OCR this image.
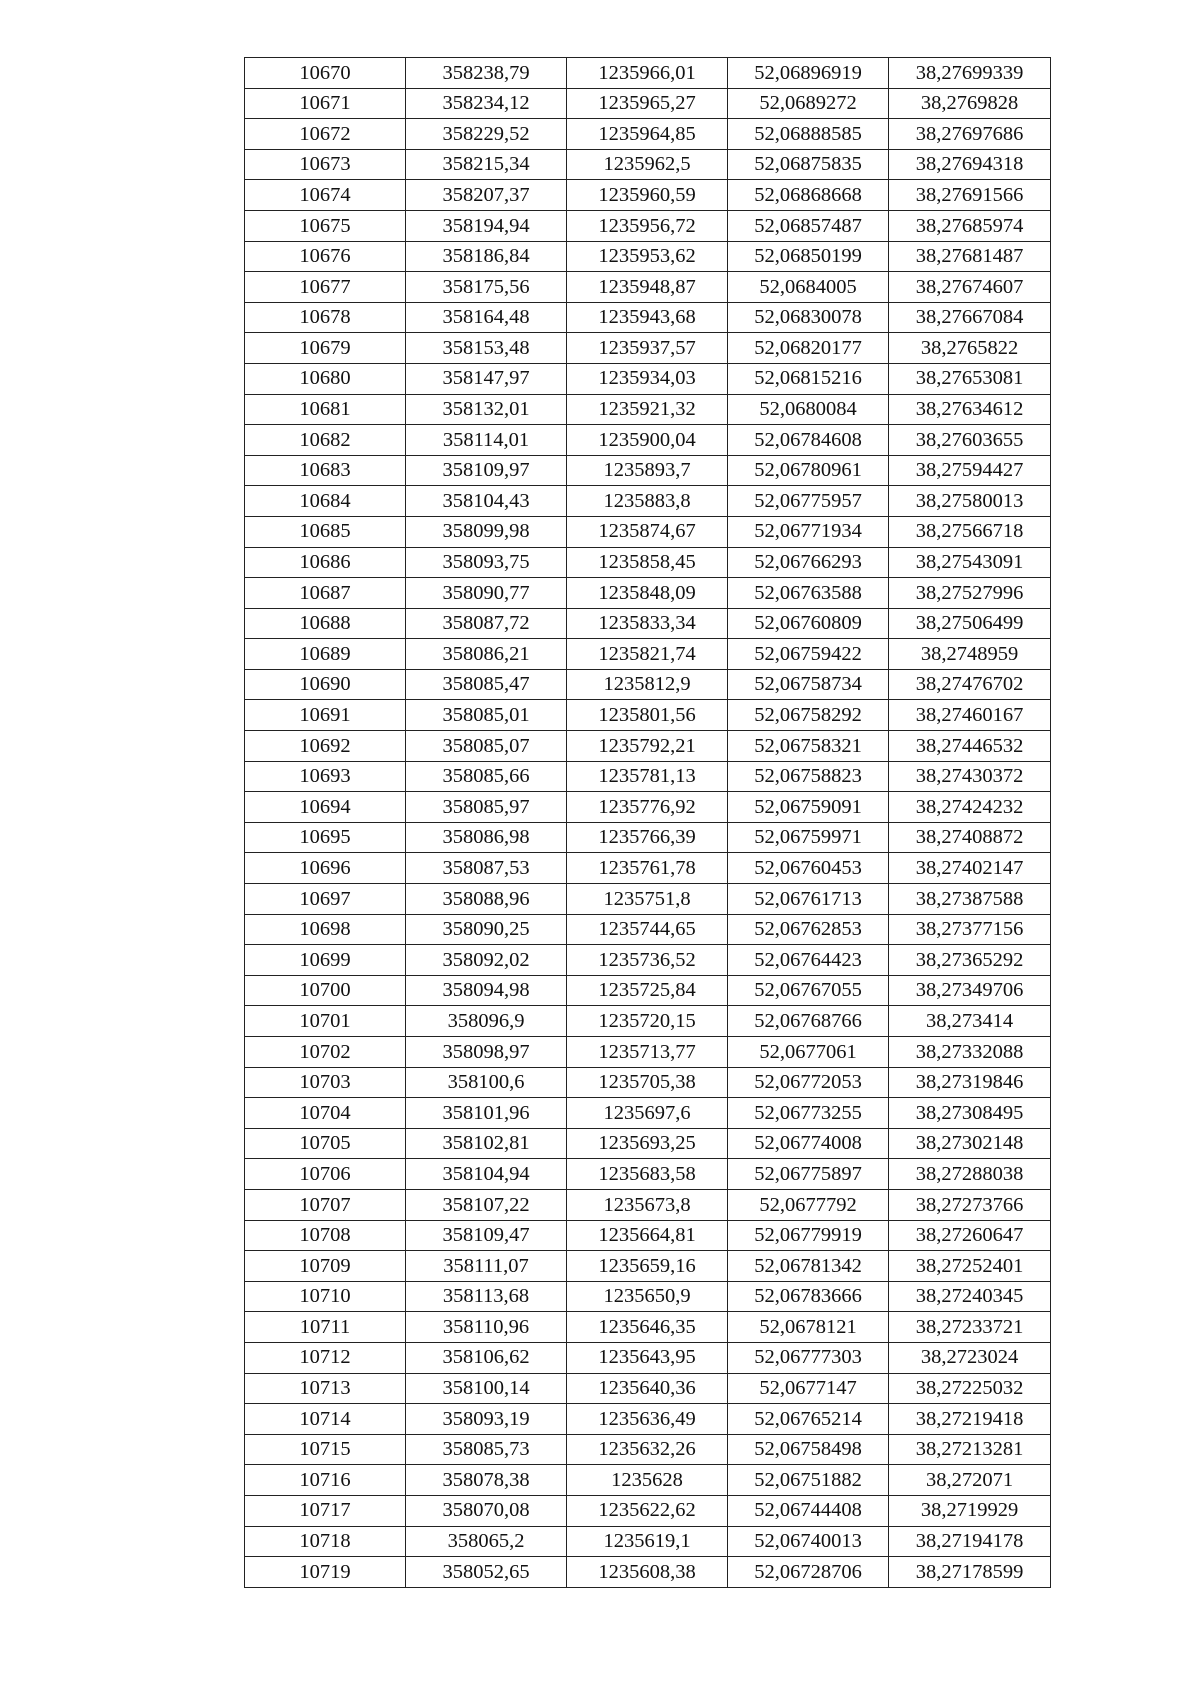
10670	358238,79	1235966,01	52,06896919	38,27699339
10671	358234,12	1235965,27	52,0689272	38,2769828
10672	358229,52	1235964,85	52,06888585	38,27697686
10673	358215,34	1235962,5	52,06875835	38,27694318
10674	358207,37	1235960,59	52,06868668	38,27691566
10675	358194,94	1235956,72	52,06857487	38,27685974
10676	358186,84	1235953,62	52,06850199	38,27681487
10677	358175,56	1235948,87	52,0684005	38,27674607
10678	358164,48	1235943,68	52,06830078	38,27667084
10679	358153,48	1235937,57	52,06820177	38,2765822
10680	358147,97	1235934,03	52,06815216	38,27653081
10681	358132,01	1235921,32	52,0680084	38,27634612
10682	358114,01	1235900,04	52,06784608	38,27603655
10683	358109,97	1235893,7	52,06780961	38,27594427
10684	358104,43	1235883,8	52,06775957	38,27580013
10685	358099,98	1235874,67	52,06771934	38,27566718
10686	358093,75	1235858,45	52,06766293	38,27543091
10687	358090,77	1235848,09	52,06763588	38,27527996
10688	358087,72	1235833,34	52,06760809	38,27506499
10689	358086,21	1235821,74	52,06759422	38,2748959
10690	358085,47	1235812,9	52,06758734	38,27476702
10691	358085,01	1235801,56	52,06758292	38,27460167
10692	358085,07	1235792,21	52,06758321	38,27446532
10693	358085,66	1235781,13	52,06758823	38,27430372
10694	358085,97	1235776,92	52,06759091	38,27424232
10695	358086,98	1235766,39	52,06759971	38,27408872
10696	358087,53	1235761,78	52,06760453	38,27402147
10697	358088,96	1235751,8	52,06761713	38,27387588
10698	358090,25	1235744,65	52,06762853	38,27377156
10699	358092,02	1235736,52	52,06764423	38,27365292
10700	358094,98	1235725,84	52,06767055	38,27349706
10701	358096,9	1235720,15	52,06768766	38,273414
10702	358098,97	1235713,77	52,0677061	38,27332088
10703	358100,6	1235705,38	52,06772053	38,27319846
10704	358101,96	1235697,6	52,06773255	38,27308495
10705	358102,81	1235693,25	52,06774008	38,27302148
10706	358104,94	1235683,58	52,06775897	38,27288038
10707	358107,22	1235673,8	52,0677792	38,27273766
10708	358109,47	1235664,81	52,06779919	38,27260647
10709	358111,07	1235659,16	52,06781342	38,27252401
10710	358113,68	1235650,9	52,06783666	38,27240345
10711	358110,96	1235646,35	52,0678121	38,27233721
10712	358106,62	1235643,95	52,06777303	38,2723024
10713	358100,14	1235640,36	52,0677147	38,27225032
10714	358093,19	1235636,49	52,06765214	38,27219418
10715	358085,73	1235632,26	52,06758498	38,27213281
10716	358078,38	1235628	52,06751882	38,272071
10717	358070,08	1235622,62	52,06744408	38,2719929
10718	358065,2	1235619,1	52,06740013	38,27194178
10719	358052,65	1235608,38	52,06728706	38,27178599
